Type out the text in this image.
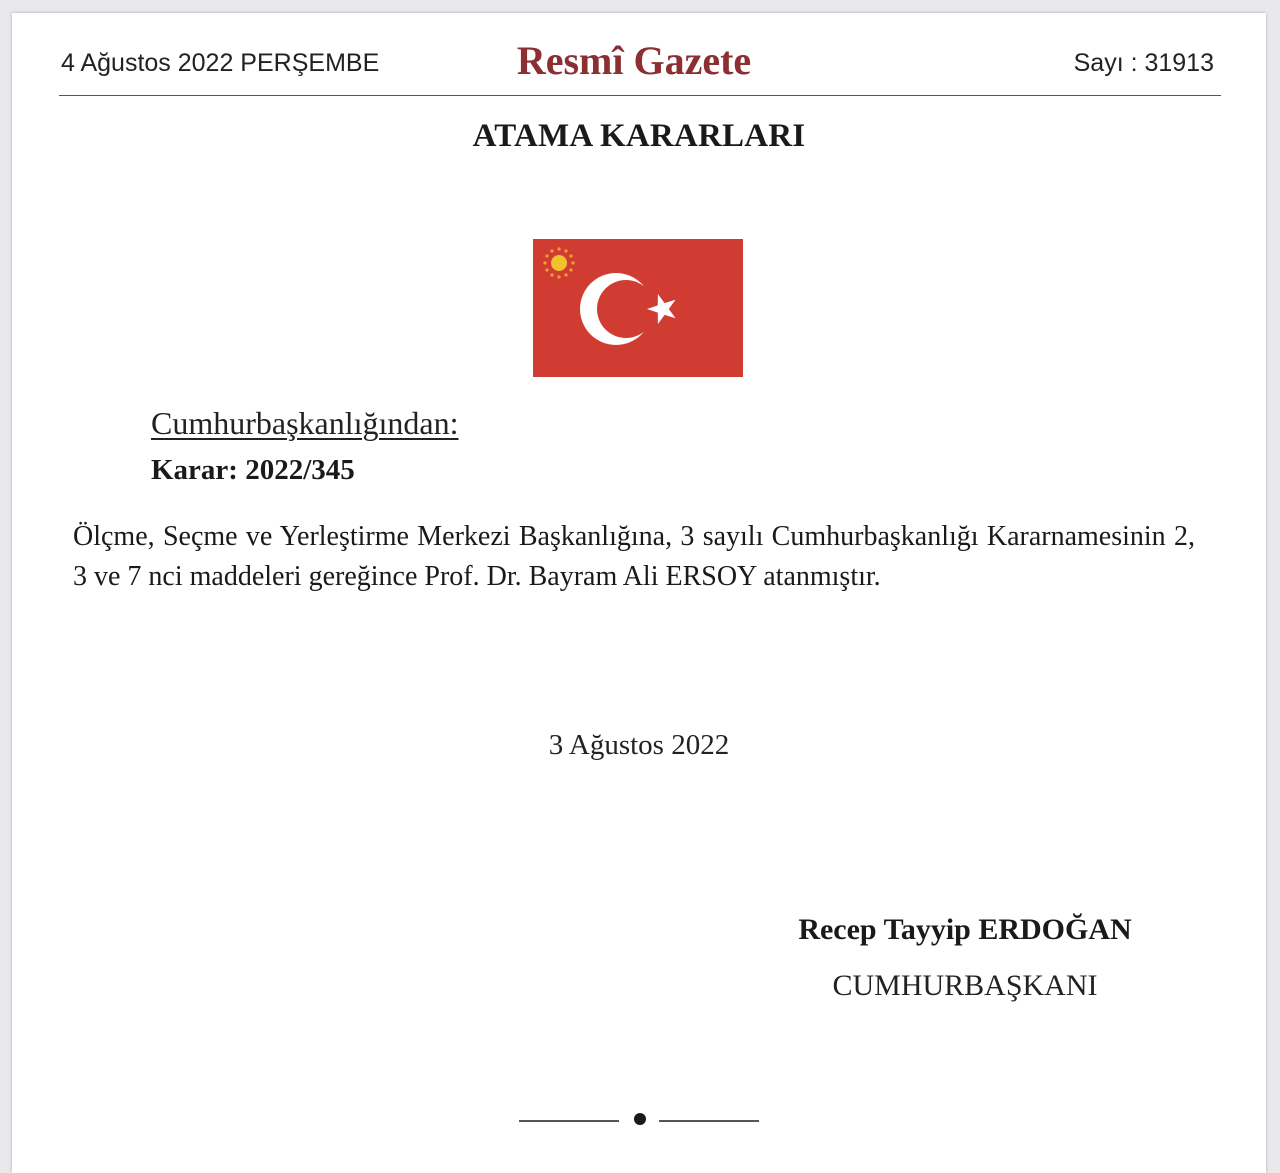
4 Ağustos 2022 PERŞEMBE	Resmî Gazete	Sayı : 31913
ATAMA KARARLARI
Cumhurbaşkanlığından:
Karar: 2022/345
Ölçme, Seçme ve Yerleştirme Merkezi Başkanlığına, 3 sayılı Cumhurbaşkanlığı Kararnamesinin 2, 3 ve 7 nci maddeleri gereğince Prof. Dr. Bayram Ali ERSOY atanmıştır.
3 Ağustos 2022
Recep Tayyip ERDOĞAN
CUMHURBAŞKANI
